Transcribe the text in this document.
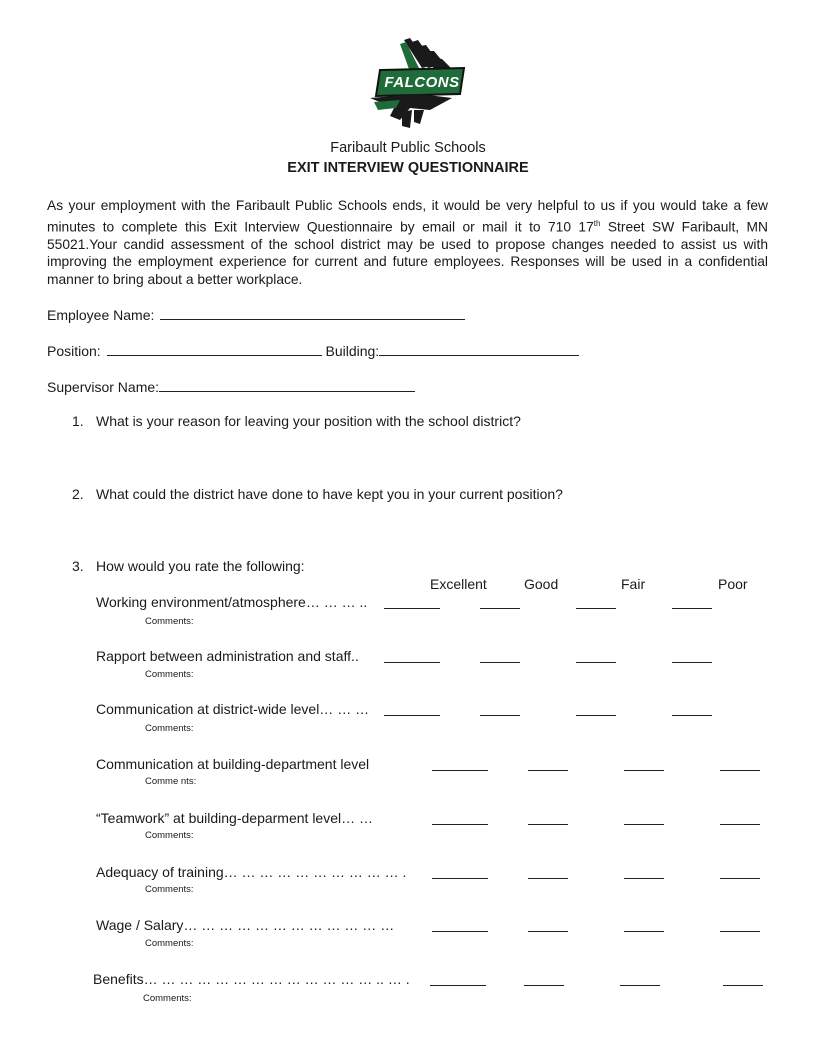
FALCONS
Faribault Public Schools
EXIT INTERVIEW QUESTIONNAIRE
As your employment with the Faribault Public Schools ends, it would be very helpful to us if you would take a few minutes to complete this Exit Interview Questionnaire by email or mail it to 710 17th Street SW Faribault, MN 55021.Your candid assessment of the school district may be used to propose changes needed to assist us with improving the employment experience for current and future employees. Responses will be used in a confidential manner to bring about a better workplace.
Employee Name:
Position:	Building:
Supervisor Name:
1. What is your reason for leaving your position with the school district?
2. What could the district have done to have kept you in your current position?
3. How would you rate the following:
Excellent	Good	Fair	Poor
Working environment/atmosphere… … … ..
Comments:
Rapport between administration and staff..
Comments:
Communication at district-wide level… … …
Comments:
Communication at building-department level
Comme nts:
“Teamwork” at building-deparment level… …
Comments:
Adequacy of training… … … … … … … … … … .
Comments:
Wage / Salary… … … … … … … … … … … …
Comments:
Benefits… … … … … … … … … … … … … .. … .
Comments:
